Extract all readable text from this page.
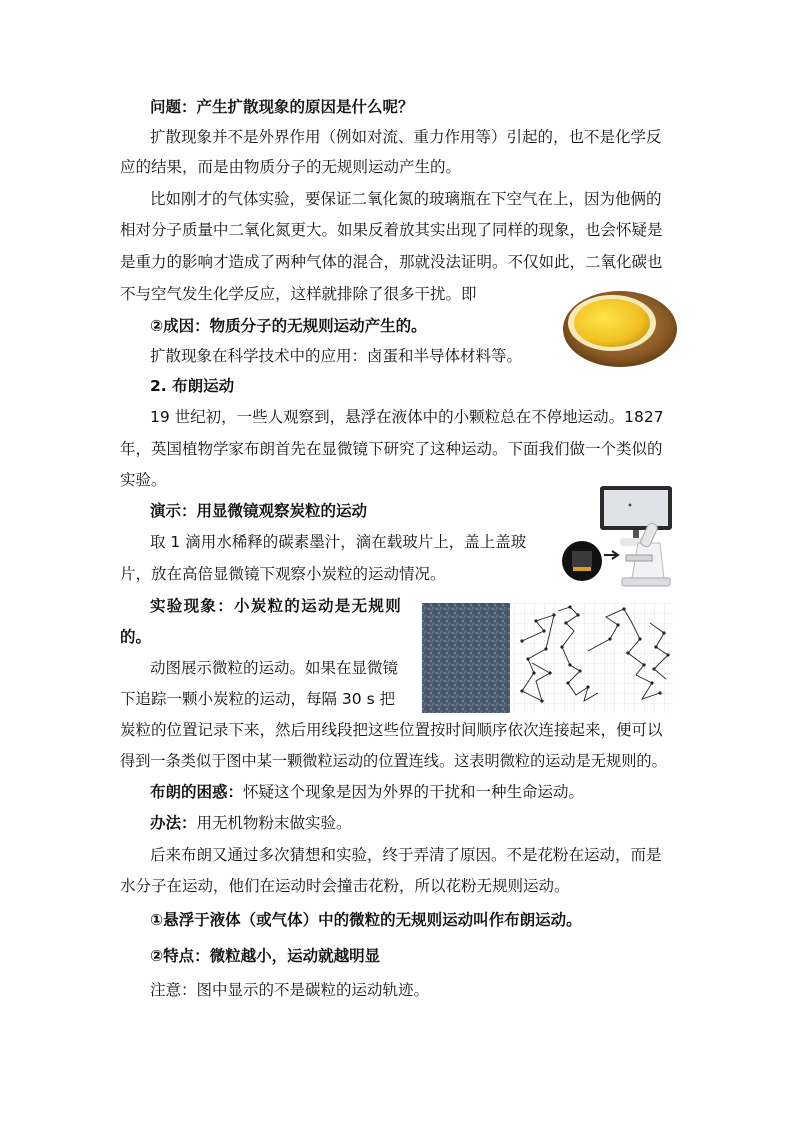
问题：产生扩散现象的原因是什么呢？
扩散现象并不是外界作用（例如对流、重力作用等）引起的，也不是化学反
应的结果，而是由物质分子的无规则运动产生的。
比如刚才的气体实验，要保证二氧化氮的玻璃瓶在下空气在上，因为他俩的
相对分子质量中二氧化氮更大。如果反着放其实出现了同样的现象，也会怀疑是
是重力的影响才造成了两种气体的混合，那就没法证明。不仅如此，二氧化碳也
不与空气发生化学反应，这样就排除了很多干扰。即
②成因：物质分子的无规则运动产生的。
扩散现象在科学技术中的应用：卤蛋和半导体材料等。
2. 布朗运动
19 世纪初，一些人观察到，悬浮在液体中的小颗粒总在不停地运动。1827
年，英国植物学家布朗首先在显微镜下研究了这种运动。下面我们做一个类似的
实验。
演示：用显微镜观察炭粒的运动
取 1 滴用水稀释的碳素墨汁，滴在载玻片上，盖上盖玻
片，放在高倍显微镜下观察小炭粒的运动情况。
实验现象：小炭粒的运动是无规则
的。
动图展示微粒的运动。如果在显微镜
下追踪一颗小炭粒的运动，每隔 30 s 把
炭粒的位置记录下来，然后用线段把这些位置按时间顺序依次连接起来，便可以
得到一条类似于图中某一颗微粒运动的位置连线。这表明微粒的运动是无规则的。
布朗的困惑：怀疑这个现象是因为外界的干扰和一种生命运动。
办法：用无机物粉末做实验。
后来布朗又通过多次猜想和实验，终于弄清了原因。不是花粉在运动，而是
水分子在运动，他们在运动时会撞击花粉，所以花粉无规则运动。
①悬浮于液体（或气体）中的微粒的无规则运动叫作布朗运动。
②特点：微粒越小，运动就越明显
注意：图中显示的不是碳粒的运动轨迹。
